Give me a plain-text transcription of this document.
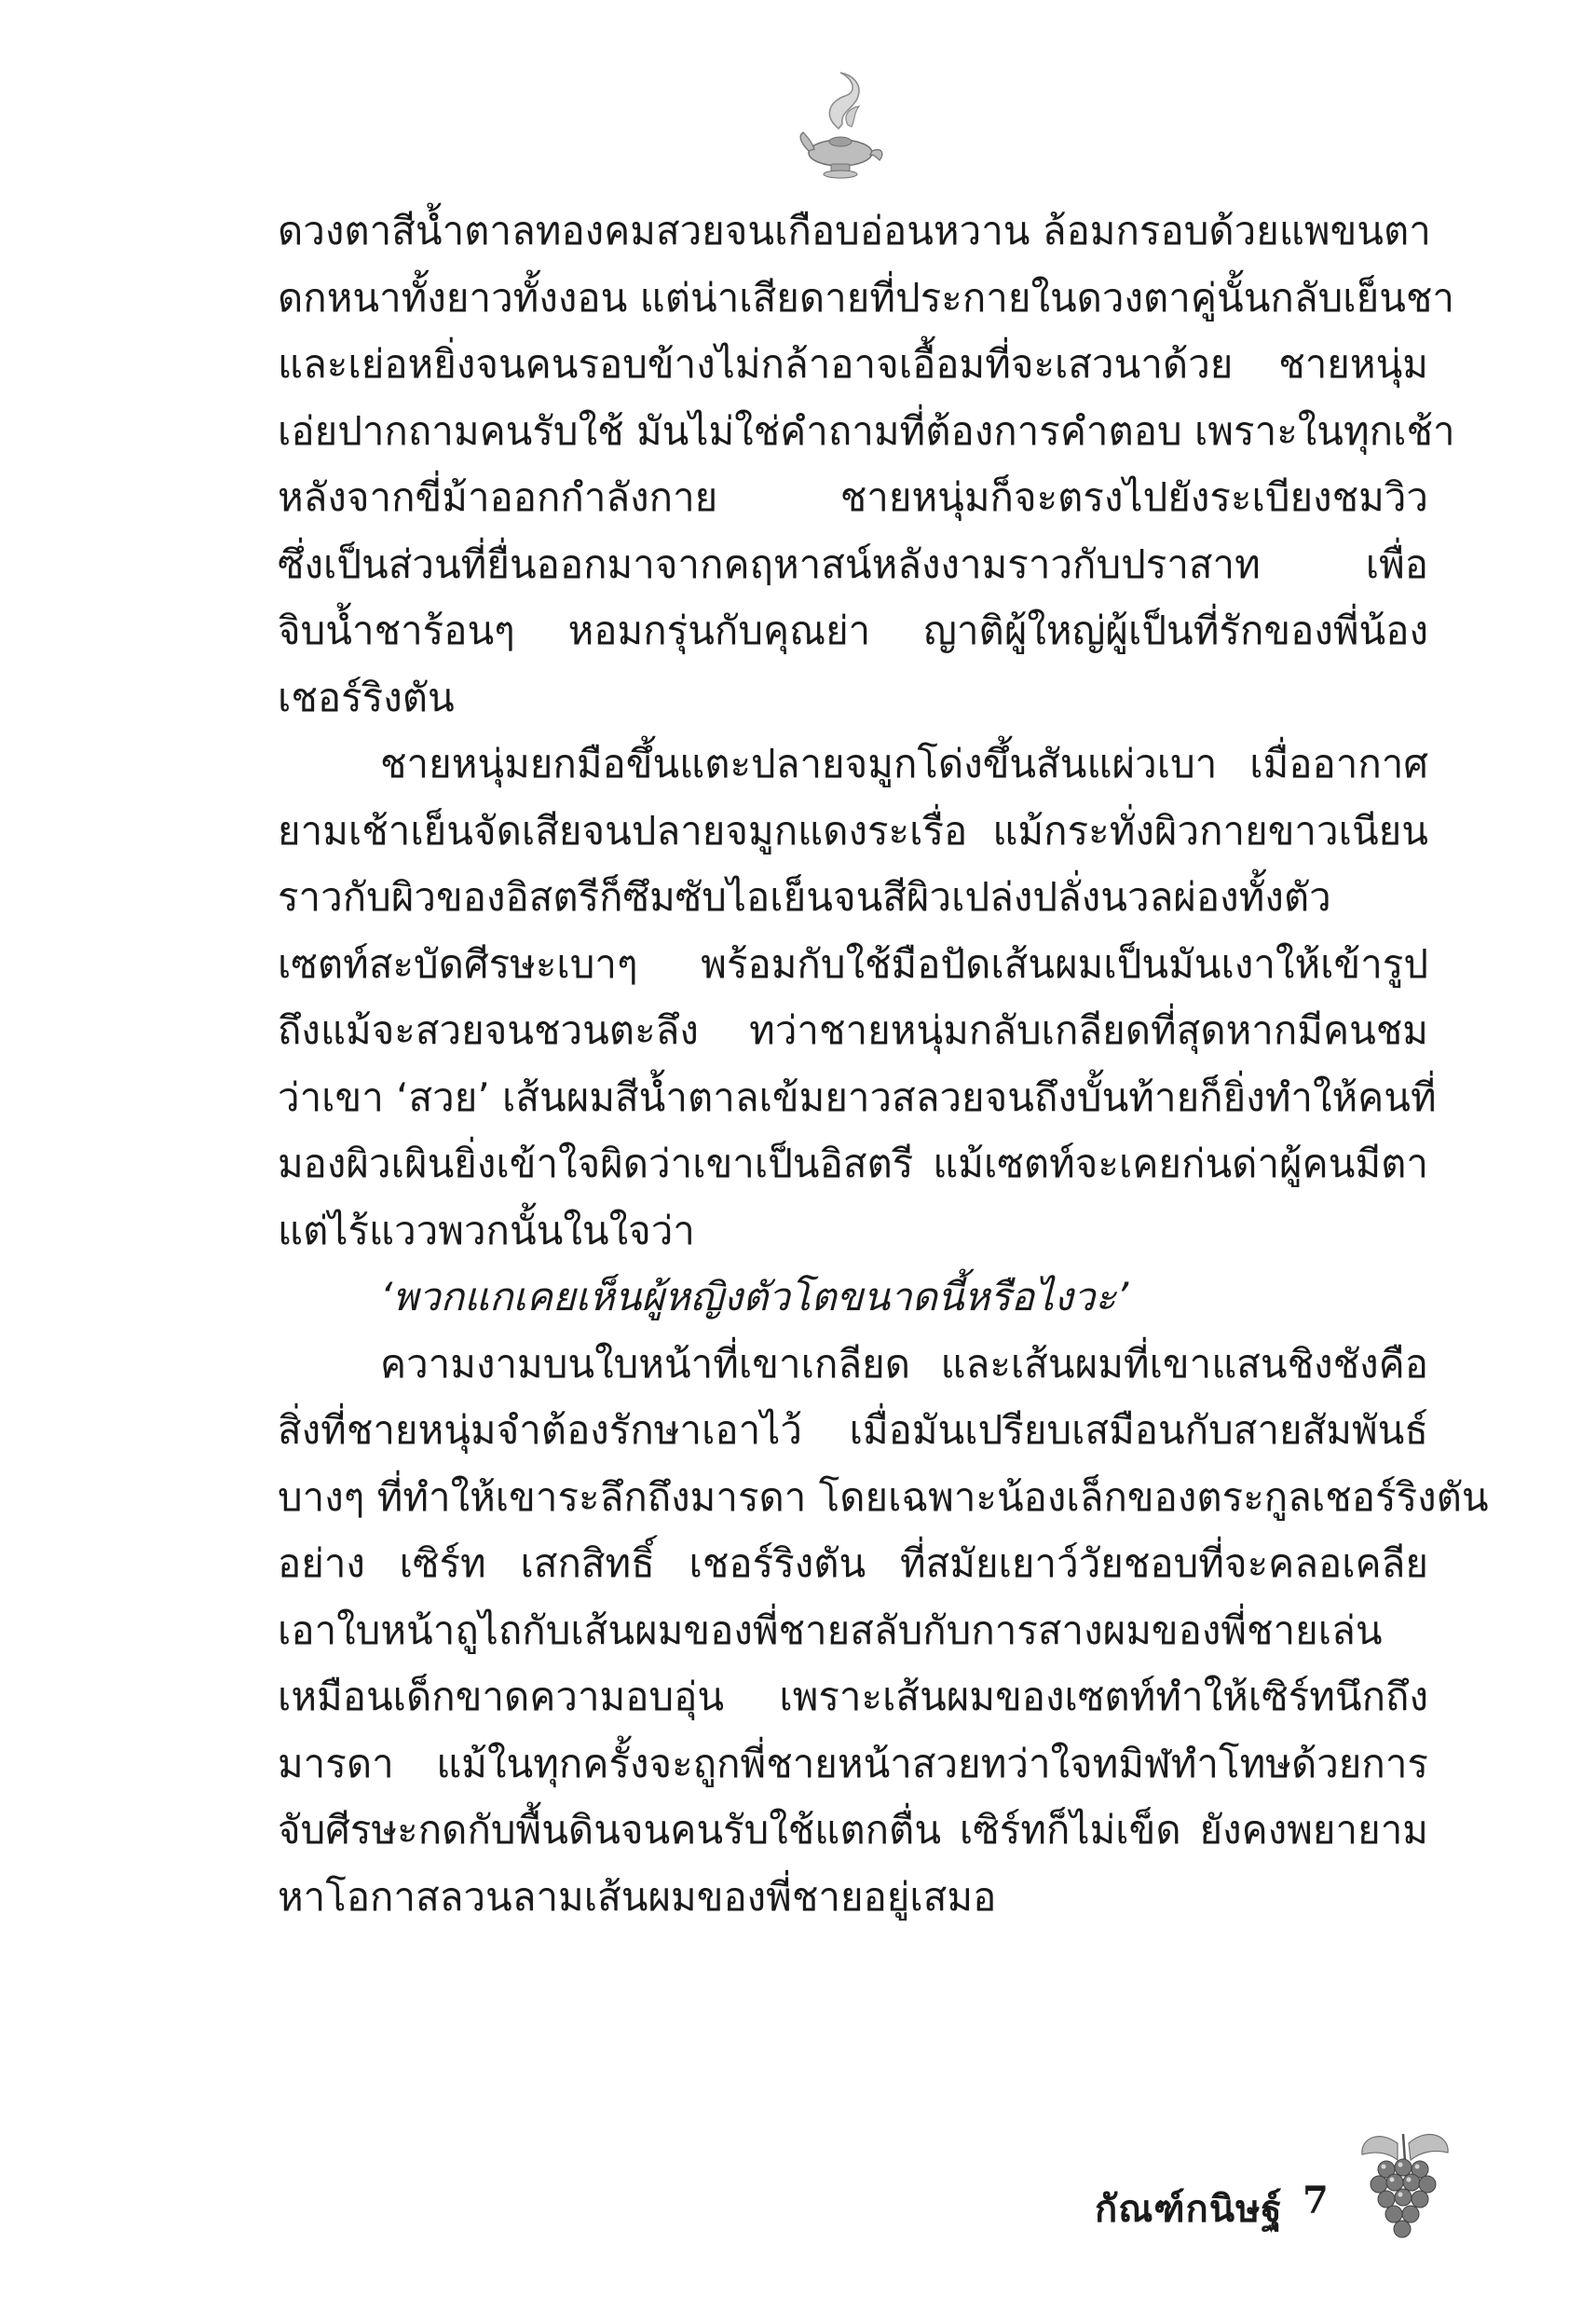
ดวงตาสีน้ำตาลทองคมสวยจนเกือบอ่อนหวาน ล้อมกรอบด้วยแพขนตา
ดกหนาทั้งยาวทั้งงอน แต่น่าเสียดายที่ประกายในดวงตาคู่นั้นกลับเย็นชา
และเย่อหยิ่งจนคนรอบข้างไม่กล้าอาจเอื้อมที่จะเสวนาด้วย ชายหนุ่ม
เอ่ยปากถามคนรับใช้ มันไม่ใช่คำถามที่ต้องการคำตอบ เพราะในทุกเช้า
หลังจากขี่ม้าออกกำลังกาย ชายหนุ่มก็จะตรงไปยังระเบียงชมวิว
ซึ่งเป็นส่วนที่ยื่นออกมาจากคฤหาสน์หลังงามราวกับปราสาท เพื่อ
จิบน้ำชาร้อนๆ หอมกรุ่นกับคุณย่า ญาติผู้ใหญ่ผู้เป็นที่รักของพี่น้อง
เชอร์ริงตัน
ชายหนุ่มยกมือขึ้นแตะปลายจมูกโด่งขึ้นสันแผ่วเบา เมื่ออากาศ
ยามเช้าเย็นจัดเสียจนปลายจมูกแดงระเรื่อ แม้กระทั่งผิวกายขาวเนียน
ราวกับผิวของอิสตรีก็ซึมซับไอเย็นจนสีผิวเปล่งปลั่งนวลผ่องทั้งตัว
เซตท์สะบัดศีรษะเบาๆ พร้อมกับใช้มือปัดเส้นผมเป็นมันเงาให้เข้ารูป
ถึงแม้จะสวยจนชวนตะลึง ทว่าชายหนุ่มกลับเกลียดที่สุดหากมีคนชม
ว่าเขา ‘สวย’ เส้นผมสีน้ำตาลเข้มยาวสลวยจนถึงบั้นท้ายก็ยิ่งทำให้คนที่
มองผิวเผินยิ่งเข้าใจผิดว่าเขาเป็นอิสตรี แม้เซตท์จะเคยก่นด่าผู้คนมีตา
แต่ไร้แววพวกนั้นในใจว่า
‘พวกแกเคยเห็นผู้หญิงตัวโตขนาดนี้หรือไงวะ’
ความงามบนใบหน้าที่เขาเกลียด และเส้นผมที่เขาแสนชิงชังคือ
สิ่งที่ชายหนุ่มจำต้องรักษาเอาไว้ เมื่อมันเปรียบเสมือนกับสายสัมพันธ์
บางๆ ที่ทำให้เขาระลึกถึงมารดา โดยเฉพาะน้องเล็กของตระกูลเชอร์ริงตัน
อย่าง เซิร์ท เสกสิทธิ์ เชอร์ริงตัน ที่สมัยเยาว์วัยชอบที่จะคลอเคลีย
เอาใบหน้าถูไถกับเส้นผมของพี่ชายสลับกับการสางผมของพี่ชายเล่น
เหมือนเด็กขาดความอบอุ่น เพราะเส้นผมของเซตท์ทำให้เซิร์ทนึกถึง
มารดา แม้ในทุกครั้งจะถูกพี่ชายหน้าสวยทว่าใจทมิฬทำโทษด้วยการ
จับศีรษะกดกับพื้นดินจนคนรับใช้แตกตื่น เซิร์ทก็ไม่เข็ด ยังคงพยายาม
หาโอกาสลวนลามเส้นผมของพี่ชายอยู่เสมอ
กัณฑ์กนิษฐ์ 7
